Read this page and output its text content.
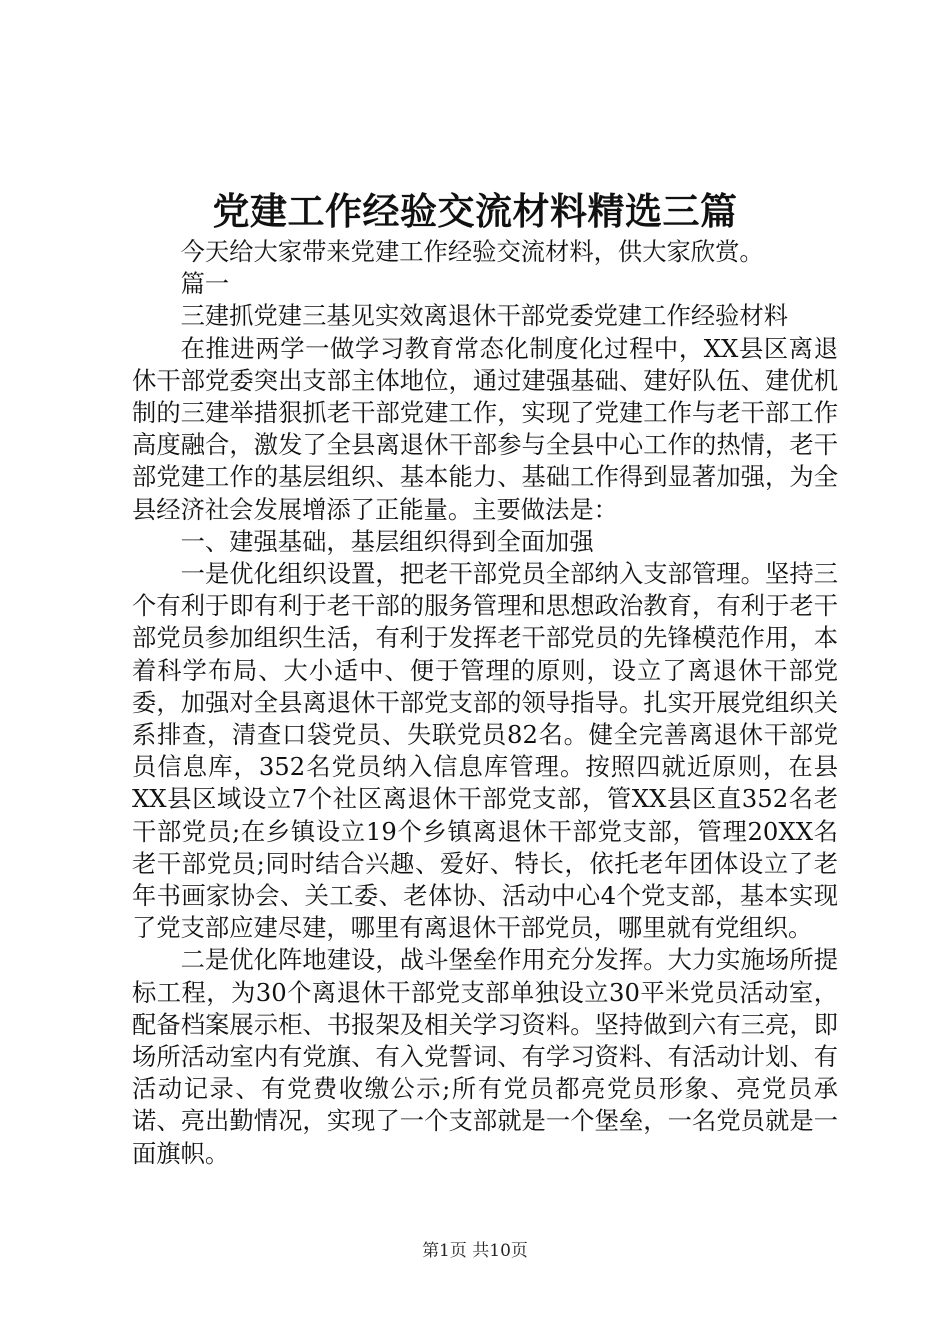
党建工作经验交流材料精选三篇

今天给大家带来党建工作经验交流材料，供大家欣赏。

篇一

三建抓党建三基见实效离退休干部党委党建工作经验材料

在推进两学一做学习教育常态化制度化过程中，XX县区离退休干部党委突出支部主体地位，通过建强基础、建好队伍、建优机制的三建举措狠抓老干部党建工作，实现了党建工作与老干部工作高度融合，激发了全县离退休干部参与全县中心工作的热情，老干部党建工作的基层组织、基本能力、基础工作得到显著加强，为全县经济社会发展增添了正能量。主要做法是：

一、建强基础，基层组织得到全面加强

一是优化组织设置，把老干部党员全部纳入支部管理。坚持三个有利于即有利于老干部的服务管理和思想政治教育，有利于老干部党员参加组织生活，有利于发挥老干部党员的先锋模范作用，本着科学布局、大小适中、便于管理的原则，设立了离退休干部党委，加强对全县离退休干部党支部的领导指导。扎实开展党组织关系排查，清查口袋党员、失联党员82名。健全完善离退休干部党员信息库，352名党员纳入信息库管理。按照四就近原则，在县XX县区域设立7个社区离退休干部党支部，管XX县区直352名老干部党员;在乡镇设立19个乡镇离退休干部党支部，管理20XX名老干部党员;同时结合兴趣、爱好、特长，依托老年团体设立了老年书画家协会、关工委、老体协、活动中心4个党支部，基本实现了党支部应建尽建，哪里有离退休干部党员，哪里就有党组织。

二是优化阵地建设，战斗堡垒作用充分发挥。大力实施场所提标工程，为30个离退休干部党支部单独设立30平米党员活动室，配备档案展示柜、书报架及相关学习资料。坚持做到六有三亮，即场所活动室内有党旗、有入党誓词、有学习资料、有活动计划、有活动记录、有党费收缴公示;所有党员都亮党员形象、亮党员承诺、亮出勤情况，实现了一个支部就是一个堡垒，一名党员就是一面旗帜。

第1页 共10页
